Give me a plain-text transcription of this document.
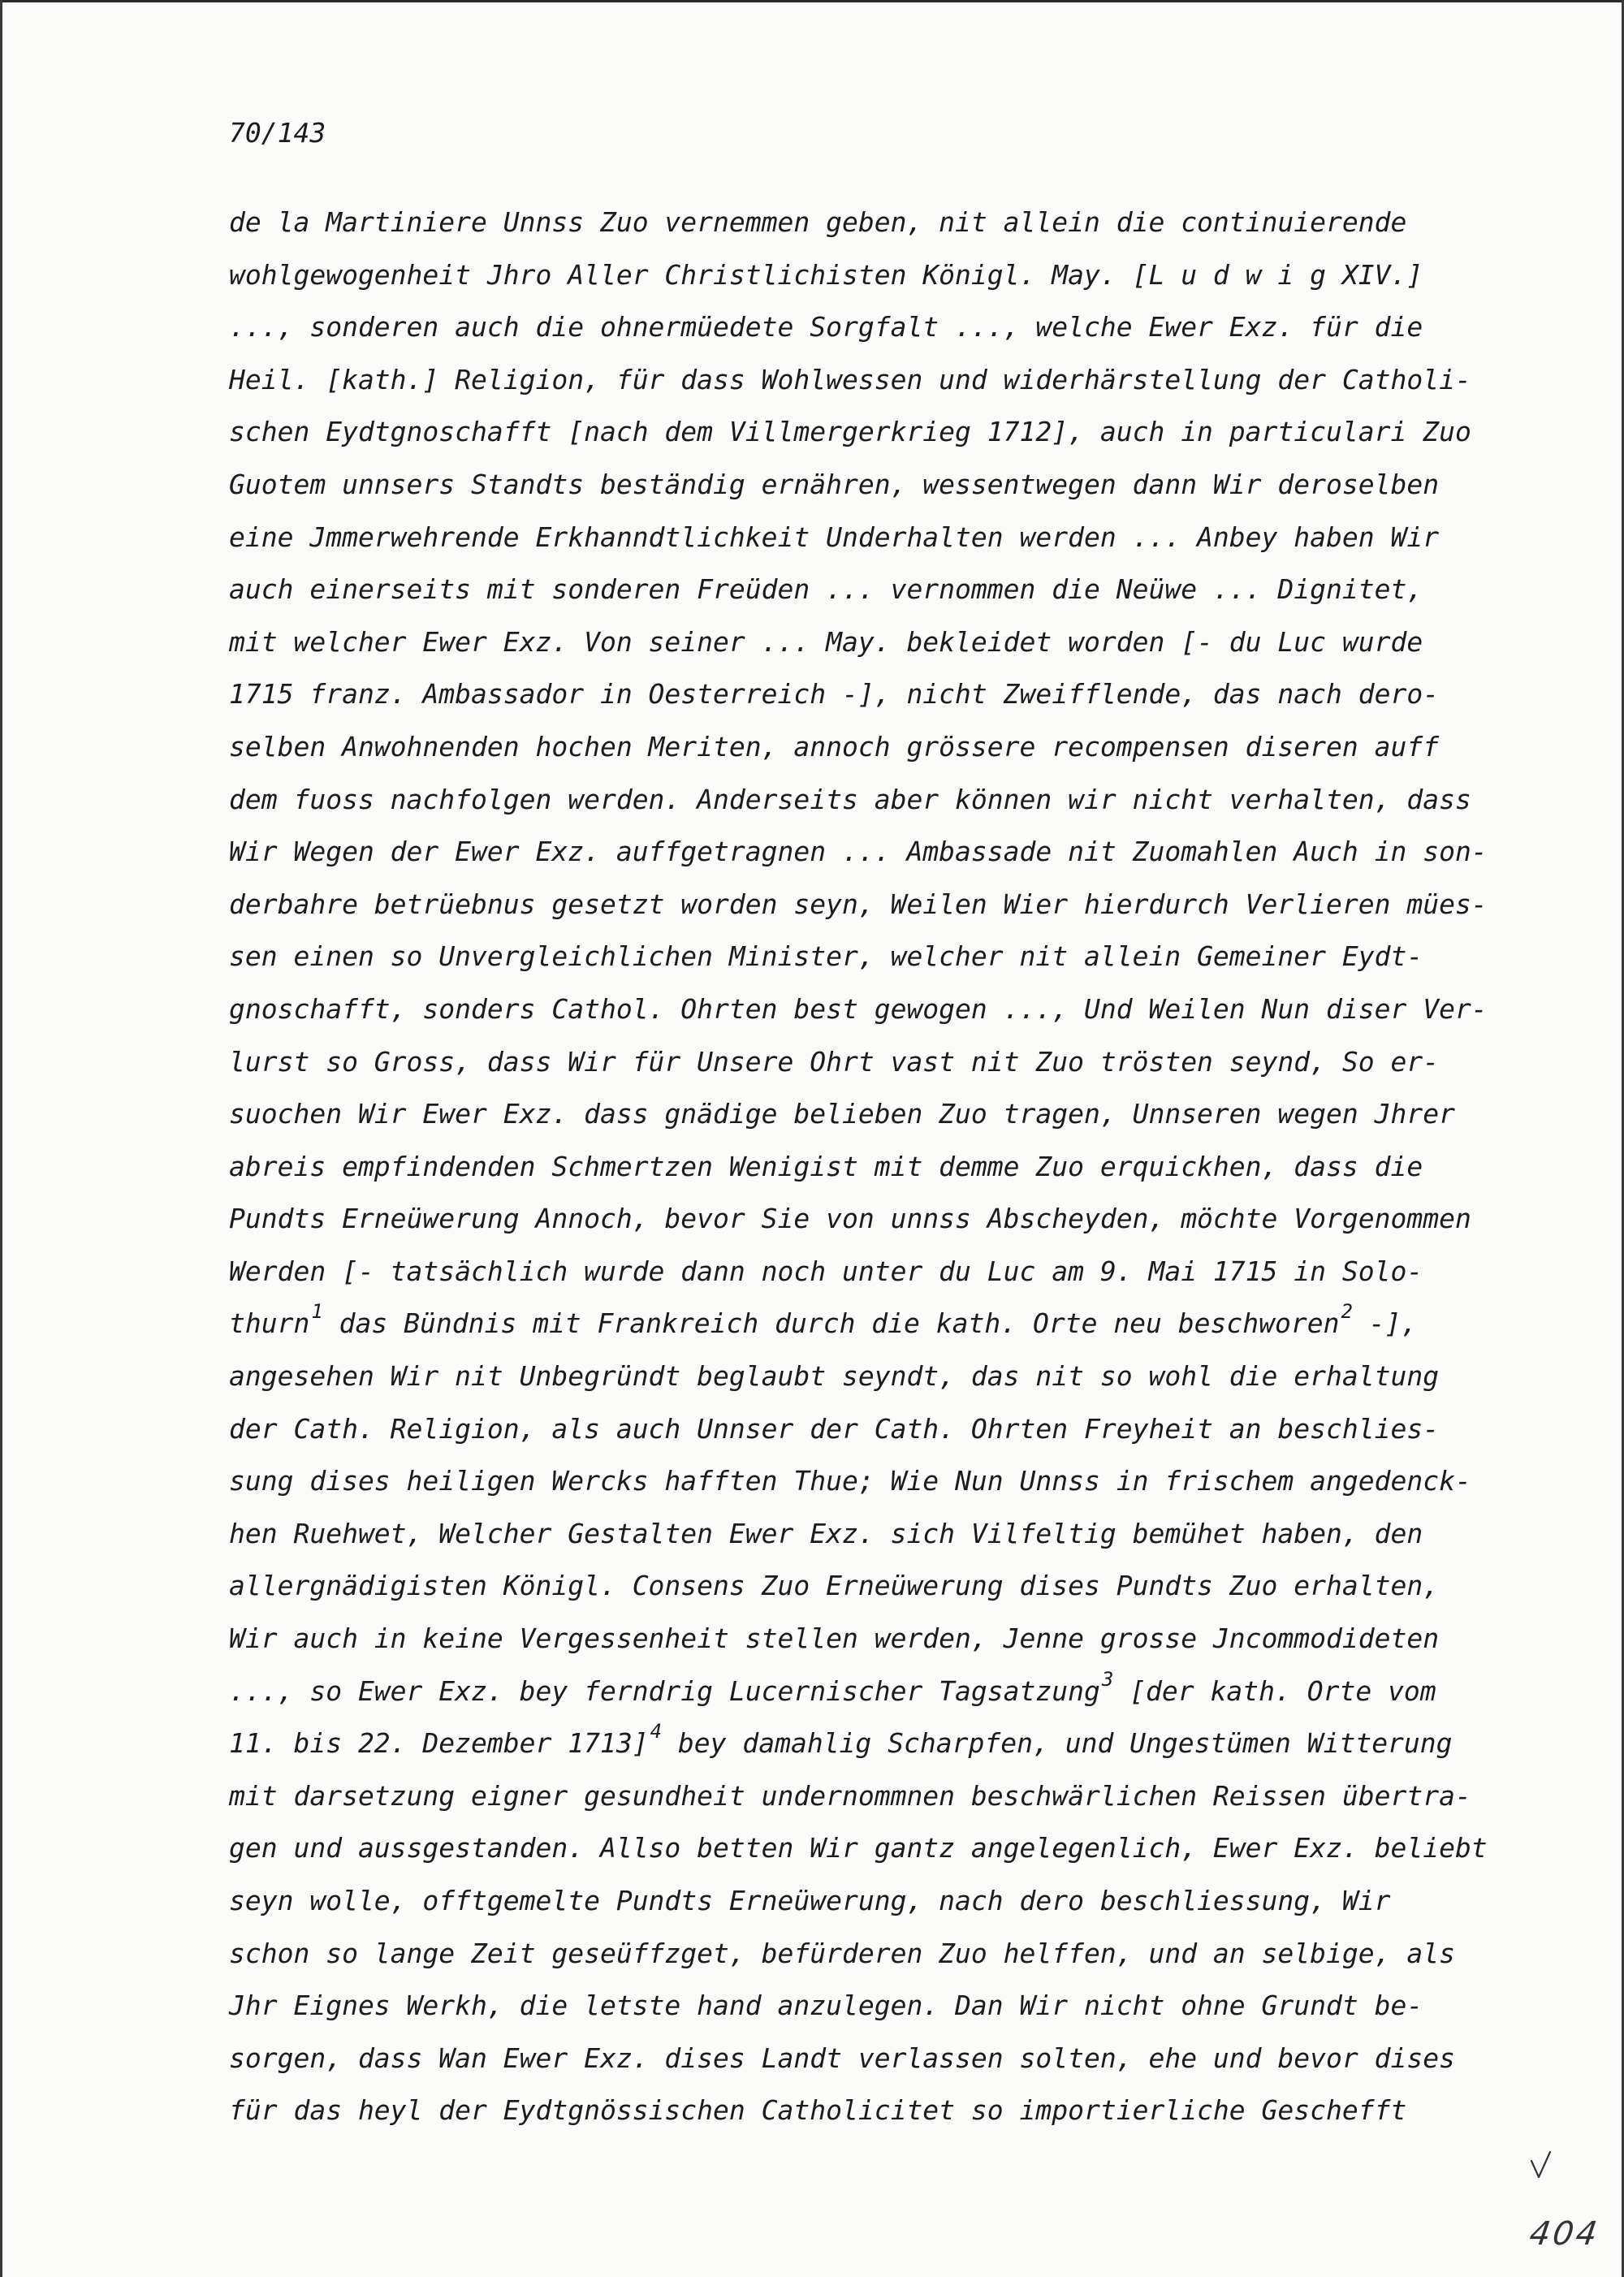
70/143

de la Martiniere Unnss Zuo vernemmen geben, nit allein die continuierende
wohlgewogenheit Jhro Aller Christlichisten Königl. May. [L u d w i g XIV.]
..., sonderen auch die ohnermüedete Sorgfalt ..., welche Ewer Exz. für die
Heil. [kath.] Religion, für dass Wohlwessen und widerhärstellung der Catholi-
schen Eydtgnoschafft [nach dem Villmergerkrieg 1712], auch in particulari Zuo
Guotem unnsers Standts beständig ernähren, wessentwegen dann Wir deroselben
eine Jmmerwehrende Erkhanndtlichkeit Underhalten werden ... Anbey haben Wir
auch einerseits mit sonderen Freüden ... vernommen die Neüwe ... Dignitet,
mit welcher Ewer Exz. Von seiner ... May. bekleidet worden [- du Luc wurde
1715 franz. Ambassador in Oesterreich -], nicht Zweifflende, das nach dero-
selben Anwohnenden hochen Meriten, annoch grössere recompensen diseren auff
dem fuoss nachfolgen werden. Anderseits aber können wir nicht verhalten, dass
Wir Wegen der Ewer Exz. auffgetragnen ... Ambassade nit Zuomahlen Auch in son-
derbahre betrüebnus gesetzt worden seyn, Weilen Wier hierdurch Verlieren mües-
sen einen so Unvergleichlichen Minister, welcher nit allein Gemeiner Eydt-
gnoschafft, sonders Cathol. Ohrten best gewogen ..., Und Weilen Nun diser Ver-
lurst so Gross, dass Wir für Unsere Ohrt vast nit Zuo trösten seynd, So er-
suochen Wir Ewer Exz. dass gnädige belieben Zuo tragen, Unnseren wegen Jhrer
abreis empfindenden Schmertzen Wenigist mit demme Zuo erquickhen, dass die
Pundts Erneüwerung Annoch, bevor Sie von unnss Abscheyden, möchte Vorgenommen
Werden [- tatsächlich wurde dann noch unter du Luc am 9. Mai 1715 in Solo-
thurn$^1$ das Bündnis mit Frankreich durch die kath. Orte neu beschworen$^2$ -],
angesehen Wir nit Unbegründt beglaubt seyndt, das nit so wohl die erhaltung
der Cath. Religion, als auch Unnser der Cath. Ohrten Freyheit an beschlies-
sung dises heiligen Wercks hafften Thue; Wie Nun Unnss in frischem angedenck-
hen Ruehwet, Welcher Gestalten Ewer Exz. sich Vilfeltig bemühet haben, den
allergnädigisten Königl. Consens Zuo Erneüwerung dises Pundts Zuo erhalten,
Wir auch in keine Vergessenheit stellen werden, Jenne grosse Jncommodideten
..., so Ewer Exz. bey ferndrig Lucernischer Tagsatzung$^3$ [der kath. Orte vom
11. bis 22. Dezember 1713]$^4$ bey damahlig Scharpfen, und Ungestümen Witterung
mit darsetzung eigner gesundheit undernommnen beschwärlichen Reissen übertra-
gen und aussgestanden. Allso betten Wir gantz angelegenlich, Ewer Exz. beliebt
seyn wolle, offtgemelte Pundts Erneüwerung, nach dero beschliessung, Wir
schon so lange Zeit geseüffzget, befürderen Zuo helffen, und an selbige, als
Jhr Eignes Werkh, die letste hand anzulegen. Dan Wir nicht ohne Grundt be-
sorgen, dass Wan Ewer Exz. dises Landt verlassen solten, ehe und bevor dises
für das heyl der Eydtgnössischen Catholicitet so importierliche Geschefft
404
